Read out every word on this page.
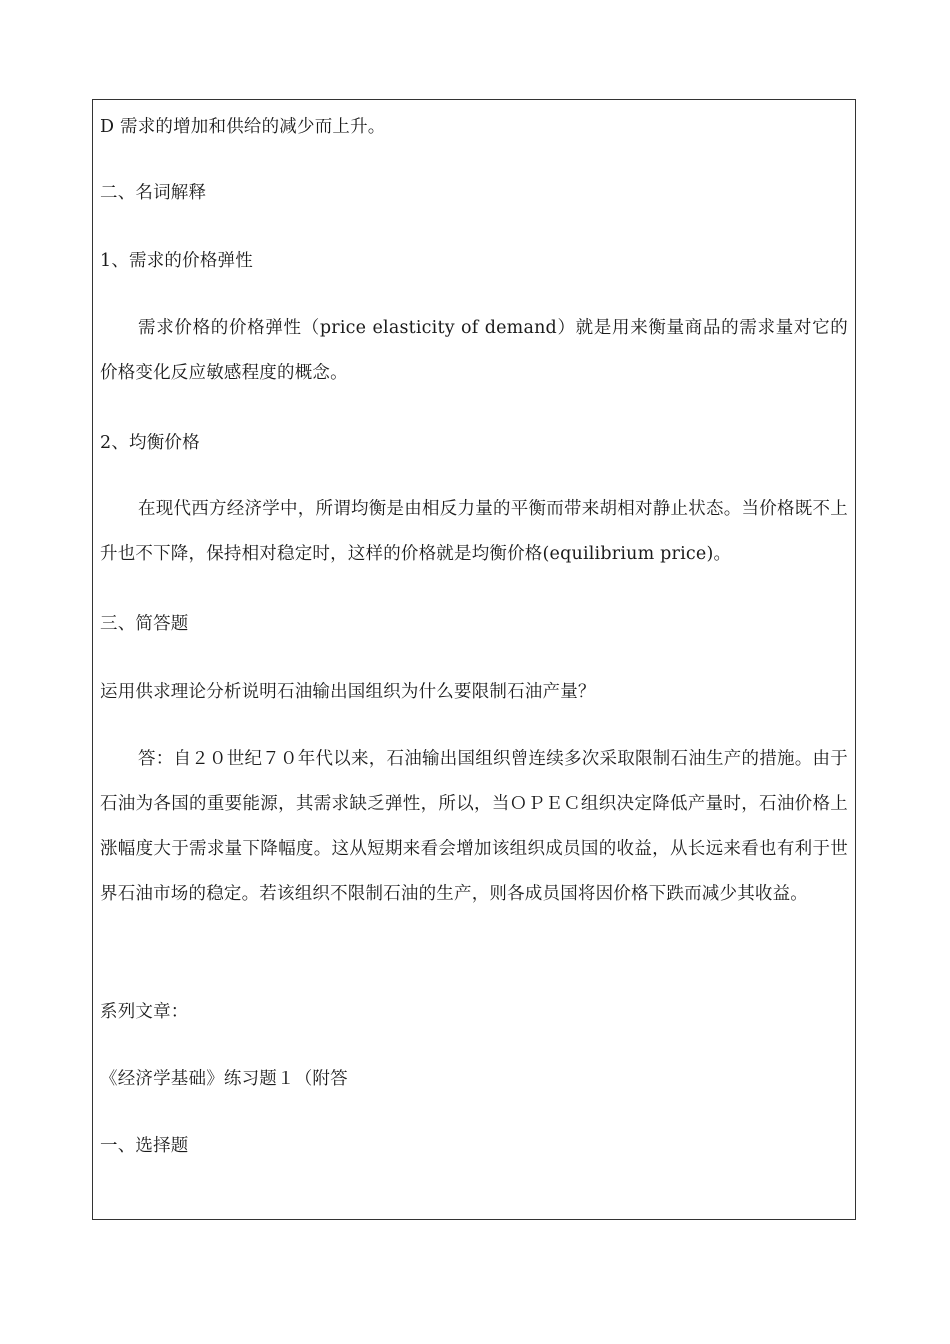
D 需求的增加和供给的减少而上升。
二、名词解释
1、需求的价格弹性
需求价格的价格弹性（price elasticity of demand）就是用来衡量商品的需求量对它的价格变化反应敏感程度的概念。
2、均衡价格
在现代西方经济学中，所谓均衡是由相反力量的平衡而带来胡相对静止状态。当价格既不上升也不下降，保持相对稳定时，这样的价格就是均衡价格(equilibrium price)。
三、简答题
运用供求理论分析说明石油输出国组织为什么要限制石油产量？
答：自２０世纪７０年代以来，石油输出国组织曾连续多次采取限制石油生产的措施。由于石油为各国的重要能源，其需求缺乏弹性，所以，当ＯＰＥＣ组织决定降低产量时，石油价格上涨幅度大于需求量下降幅度。这从短期来看会增加该组织成员国的收益，从长远来看也有利于世界石油市场的稳定。若该组织不限制石油的生产，则各成员国将因价格下跌而减少其收益。
系列文章：
《经济学基础》练习题１（附答
一、选择题
